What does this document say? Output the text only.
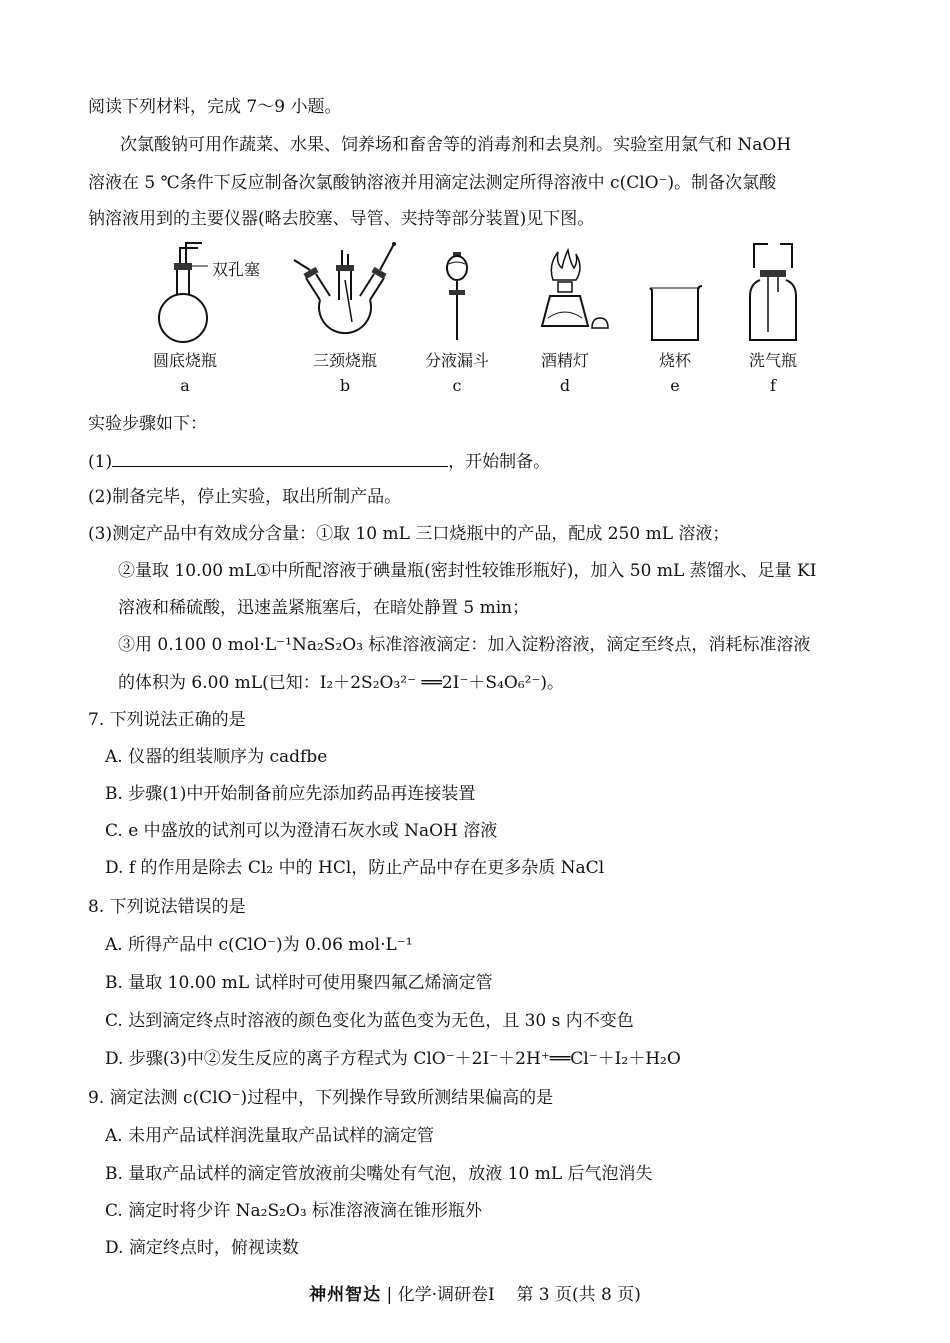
阅读下列材料，完成 7～9 小题。
次氯酸钠可用作蔬菜、水果、饲养场和畜舍等的消毒剂和去臭剂。实验室用氯气和 NaOH
溶液在 5 ℃条件下反应制备次氯酸钠溶液并用滴定法测定所得溶液中 c(ClO⁻)。制备次氯酸
钠溶液用到的主要仪器(略去胶塞、导管、夹持等部分装置)见下图。
双孔塞
圆底烧瓶
a
三颈烧瓶
b
分液漏斗
c
酒精灯
d
烧杯
e
洗气瓶
f
实验步骤如下：
(1)	，开始制备。
(2)制备完毕，停止实验，取出所制产品。
(3)测定产品中有效成分含量：①取 10 mL 三口烧瓶中的产品，配成 250 mL 溶液；
②量取 10.00 mL①中所配溶液于碘量瓶(密封性较锥形瓶好)，加入 50 mL 蒸馏水、足量 KI
溶液和稀硫酸，迅速盖紧瓶塞后，在暗处静置 5 min；
③用 0.100 0 mol·L⁻¹Na₂S₂O₃ 标准溶液滴定：加入淀粉溶液，滴定至终点，消耗标准溶液
的体积为 6.00 mL(已知：I₂＋2S₂O₃²⁻ ══2I⁻＋S₄O₆²⁻)。
7. 下列说法正确的是
A. 仪器的组装顺序为 cadfbe
B. 步骤(1)中开始制备前应先添加药品再连接装置
C. e 中盛放的试剂可以为澄清石灰水或 NaOH 溶液
D. f 的作用是除去 Cl₂ 中的 HCl，防止产品中存在更多杂质 NaCl
8. 下列说法错误的是
A. 所得产品中 c(ClO⁻)为 0.06 mol·L⁻¹
B. 量取 10.00 mL 试样时可使用聚四氟乙烯滴定管
C. 达到滴定终点时溶液的颜色变化为蓝色变为无色，且 30 s 内不变色
D. 步骤(3)中②发生反应的离子方程式为 ClO⁻＋2I⁻＋2H⁺══Cl⁻＋I₂＋H₂O
9. 滴定法测 c(ClO⁻)过程中，下列操作导致所测结果偏高的是
A. 未用产品试样润洗量取产品试样的滴定管
B. 量取产品试样的滴定管放液前尖嘴处有气泡，放液 10 mL 后气泡消失
C. 滴定时将少许 Na₂S₂O₃ 标准溶液滴在锥形瓶外
D. 滴定终点时，俯视读数
神州智达 | 化学·调研卷Ⅰ 第 3 页(共 8 页)
